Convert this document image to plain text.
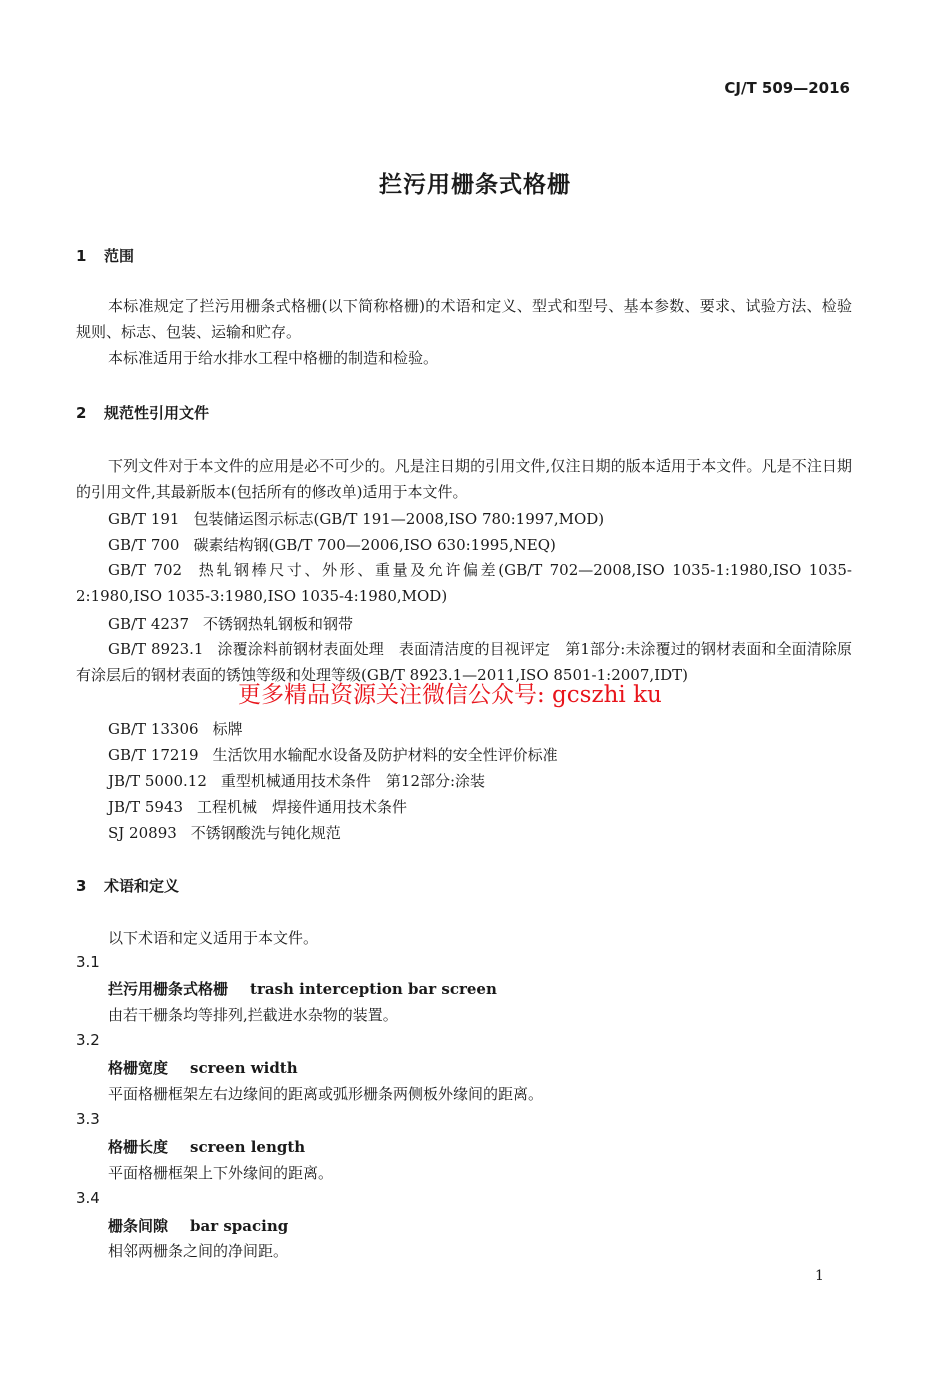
CJ/T 509—2016
拦污用栅条式格栅
1 范围
本标准规定了拦污用栅条式格栅(以下简称格栅)的术语和定义、型式和型号、基本参数、要求、试验方法、检验规则、标志、包装、运输和贮存。
本标准适用于给水排水工程中格栅的制造和检验。
2 规范性引用文件
下列文件对于本文件的应用是必不可少的。凡是注日期的引用文件,仅注日期的版本适用于本文件。凡是不注日期的引用文件,其最新版本(包括所有的修改单)适用于本文件。
GB/T 191 包装储运图示标志(GB/T 191—2008,ISO 780:1997,MOD)
GB/T 700 碳素结构钢(GB/T 700—2006,ISO 630:1995,NEQ)
GB/T 702 热轧钢棒尺寸、外形、重量及允许偏差(GB/T 702—2008,ISO 1035-1:1980,ISO 1035-2:1980,ISO 1035-3:1980,ISO 1035-4:1980,MOD)
GB/T 4237 不锈钢热轧钢板和钢带
GB/T 8923.1 涂覆涂料前钢材表面处理　表面清洁度的目视评定　第1部分:未涂覆过的钢材表面和全面清除原有涂层后的钢材表面的锈蚀等级和处理等级(GB/T 8923.1—2011,ISO 8501-1:2007,IDT)
GB/T 13306 标牌
GB/T 17219 生活饮用水输配水设备及防护材料的安全性评价标准
JB/T 5000.12 重型机械通用技术条件　第12部分:涂装
JB/T 5943 工程机械　焊接件通用技术条件
SJ 20893 不锈钢酸洗与钝化规范
3 术语和定义
以下术语和定义适用于本文件。
3.1
拦污用栅条式格栅 trash interception bar screen
由若干栅条均等排列,拦截进水杂物的装置。
3.2
格栅宽度 screen width
平面格栅框架左右边缘间的距离或弧形栅条两侧板外缘间的距离。
3.3
格栅长度 screen length
平面格栅框架上下外缘间的距离。
3.4
栅条间隙 bar spacing
相邻两栅条之间的净间距。
更多精品资源关注微信公众号: gcszhi ku
1
